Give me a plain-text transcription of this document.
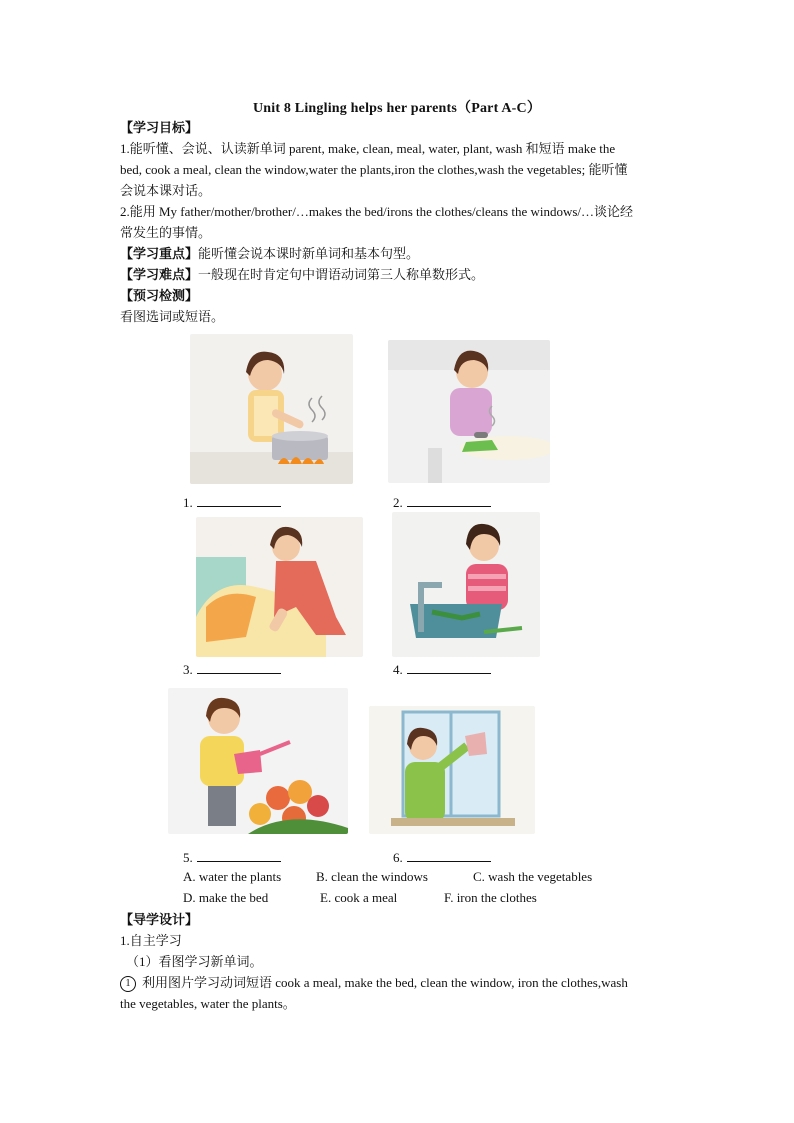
Unit 8 Lingling helps her parents（Part A-C）
【学习目标】
1.能听懂、会说、认读新单词 parent, make, clean, meal, water, plant, wash 和短语 make the
bed, cook a meal, clean the window,water the plants,iron the clothes,wash the vegetables; 能听懂
会说本课对话。
2.能用 My father/mother/brother/…makes the bed/irons the clothes/cleans the windows/…谈论经
常发生的事情。
【学习重点】能听懂会说本课时新单词和基本句型。
【学习难点】一般现在时肯定句中谓语动词第三人称单数形式。
【预习检测】
看图选词或短语。
1.	2.
3.	4.
5.	6.
A. water the plants	B. clean the windows	C. wash the vegetables
D. make the bed	E. cook a meal	F. iron the clothes
【导学设计】
1.自主学习
（1）看图学习新单词。
1 利用图片学习动词短语 cook a meal, make the bed, clean the window, iron the clothes,wash
the vegetables, water the plants。
